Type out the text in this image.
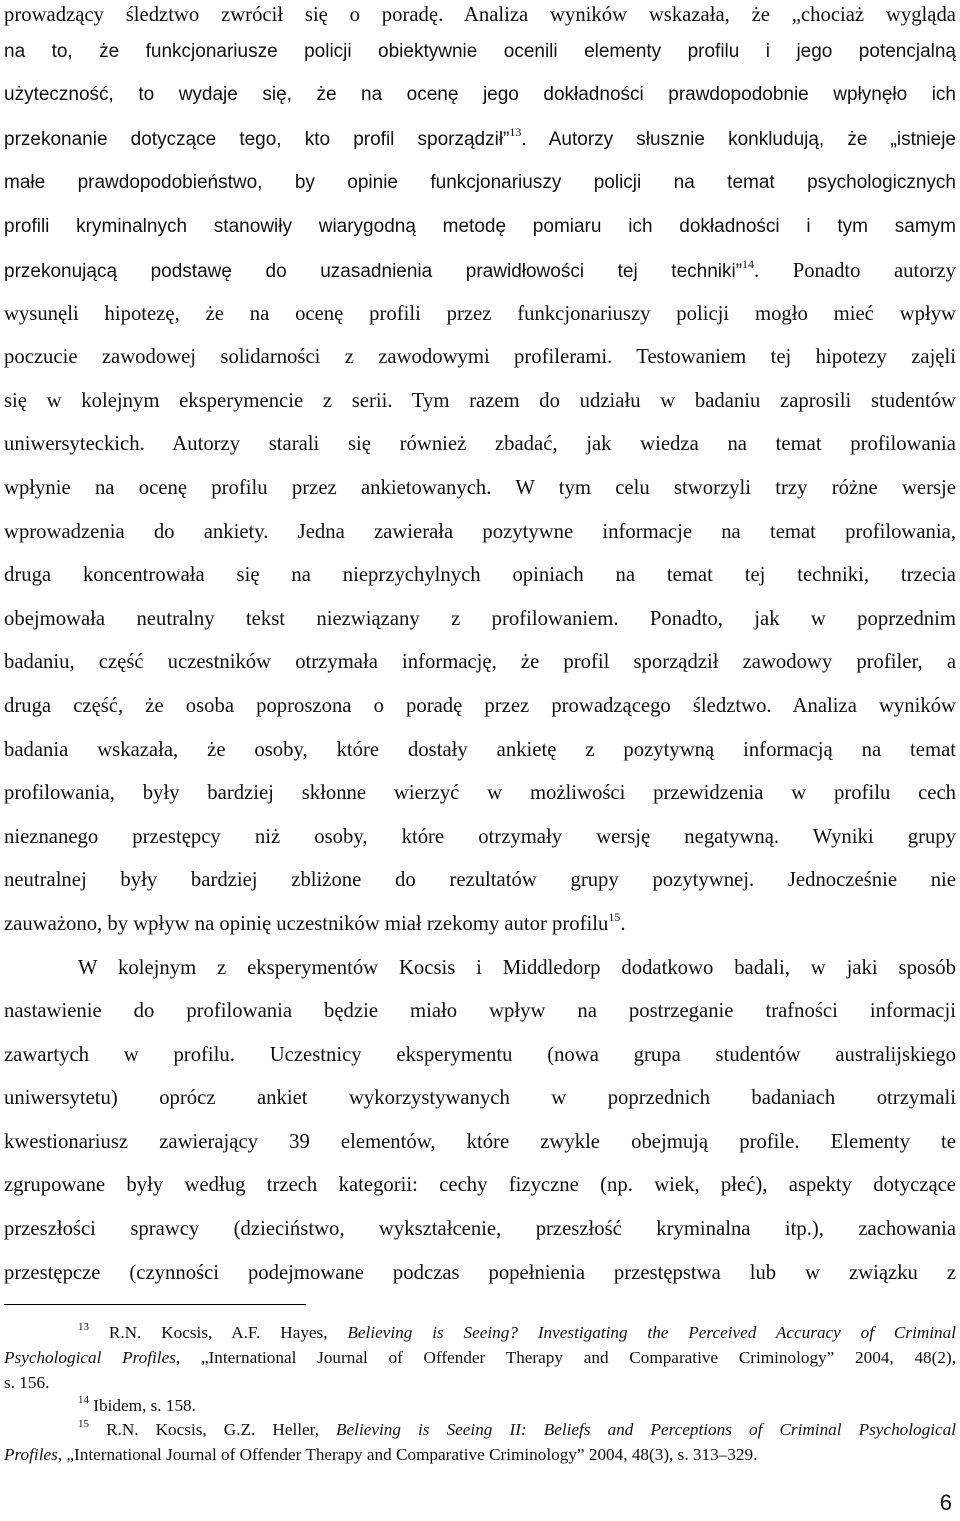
prowadzący śledztwo zwrócił się o poradę. Analiza wyników wskazała, że „chociaż wygląda
na to, że funkcjonariusze policji obiektywnie ocenili elementy profilu i jego potencjalną
użyteczność, to wydaje się, że na ocenę jego dokładności prawdopodobnie wpłynęło ich
przekonanie dotyczące tego, kto profil sporządził”$^{13}$. Autorzy słusznie konkludują, że „istnieje
małe prawdopodobieństwo, by opinie funkcjonariuszy policji na temat psychologicznych
profili kryminalnych stanowiły wiarygodną metodę pomiaru ich dokładności i tym samym
przekonującą podstawę do uzasadnienia prawidłowości tej techniki”$^{14}$. Ponadto autorzy
wysunęli hipotezę, że na ocenę profili przez funkcjonariuszy policji mogło mieć wpływ
poczucie zawodowej solidarności z zawodowymi profilerami. Testowaniem tej hipotezy zajęli
się w kolejnym eksperymencie z serii. Tym razem do udziału w badaniu zaprosili studentów
uniwersyteckich. Autorzy starali się również zbadać, jak wiedza na temat profilowania
wpłynie na ocenę profilu przez ankietowanych. W tym celu stworzyli trzy różne wersje
wprowadzenia do ankiety. Jedna zawierała pozytywne informacje na temat profilowania,
druga koncentrowała się na nieprzychylnych opiniach na temat tej techniki, trzecia
obejmowała neutralny tekst niezwiązany z profilowaniem. Ponadto, jak w poprzednim
badaniu, część uczestników otrzymała informację, że profil sporządził zawodowy profiler, a
druga część, że osoba poproszona o poradę przez prowadzącego śledztwo. Analiza wyników
badania wskazała, że osoby, które dostały ankietę z pozytywną informacją na temat
profilowania, były bardziej skłonne wierzyć w możliwości przewidzenia w profilu cech
nieznanego przestępcy niż osoby, które otrzymały wersję negatywną. Wyniki grupy
neutralnej były bardziej zbliżone do rezultatów grupy pozytywnej. Jednocześnie nie
zauważono, by wpływ na opinię uczestników miał rzekomy autor profilu$^{15}$.
W kolejnym z eksperymentów Kocsis i Middledorp dodatkowo badali, w jaki sposób
nastawienie do profilowania będzie miało wpływ na postrzeganie trafności informacji
zawartych w profilu. Uczestnicy eksperymentu (nowa grupa studentów australijskiego
uniwersytetu) oprócz ankiet wykorzystywanych w poprzednich badaniach otrzymali
kwestionariusz zawierający 39 elementów, które zwykle obejmują profile. Elementy te
zgrupowane były według trzech kategorii: cechy fizyczne (np. wiek, płeć), aspekty dotyczące
przeszłości sprawcy (dzieciństwo, wykształcenie, przeszłość kryminalna itp.), zachowania
przestępcze (czynności podejmowane podczas popełnienia przestępstwa lub w związku z
$^{13}$ R.N. Kocsis, A.F. Hayes, Believing is Seeing? Investigating the Perceived Accuracy of Criminal
Psychological Profiles, „International Journal of Offender Therapy and Comparative Criminology” 2004, 48(2),
s. 156.
$^{14}$ Ibidem, s. 158.
$^{15}$ R.N. Kocsis, G.Z. Heller, Believing is Seeing II: Beliefs and Perceptions of Criminal Psychological
Profiles, „International Journal of Offender Therapy and Comparative Criminology” 2004, 48(3), s. 313–329.
6
